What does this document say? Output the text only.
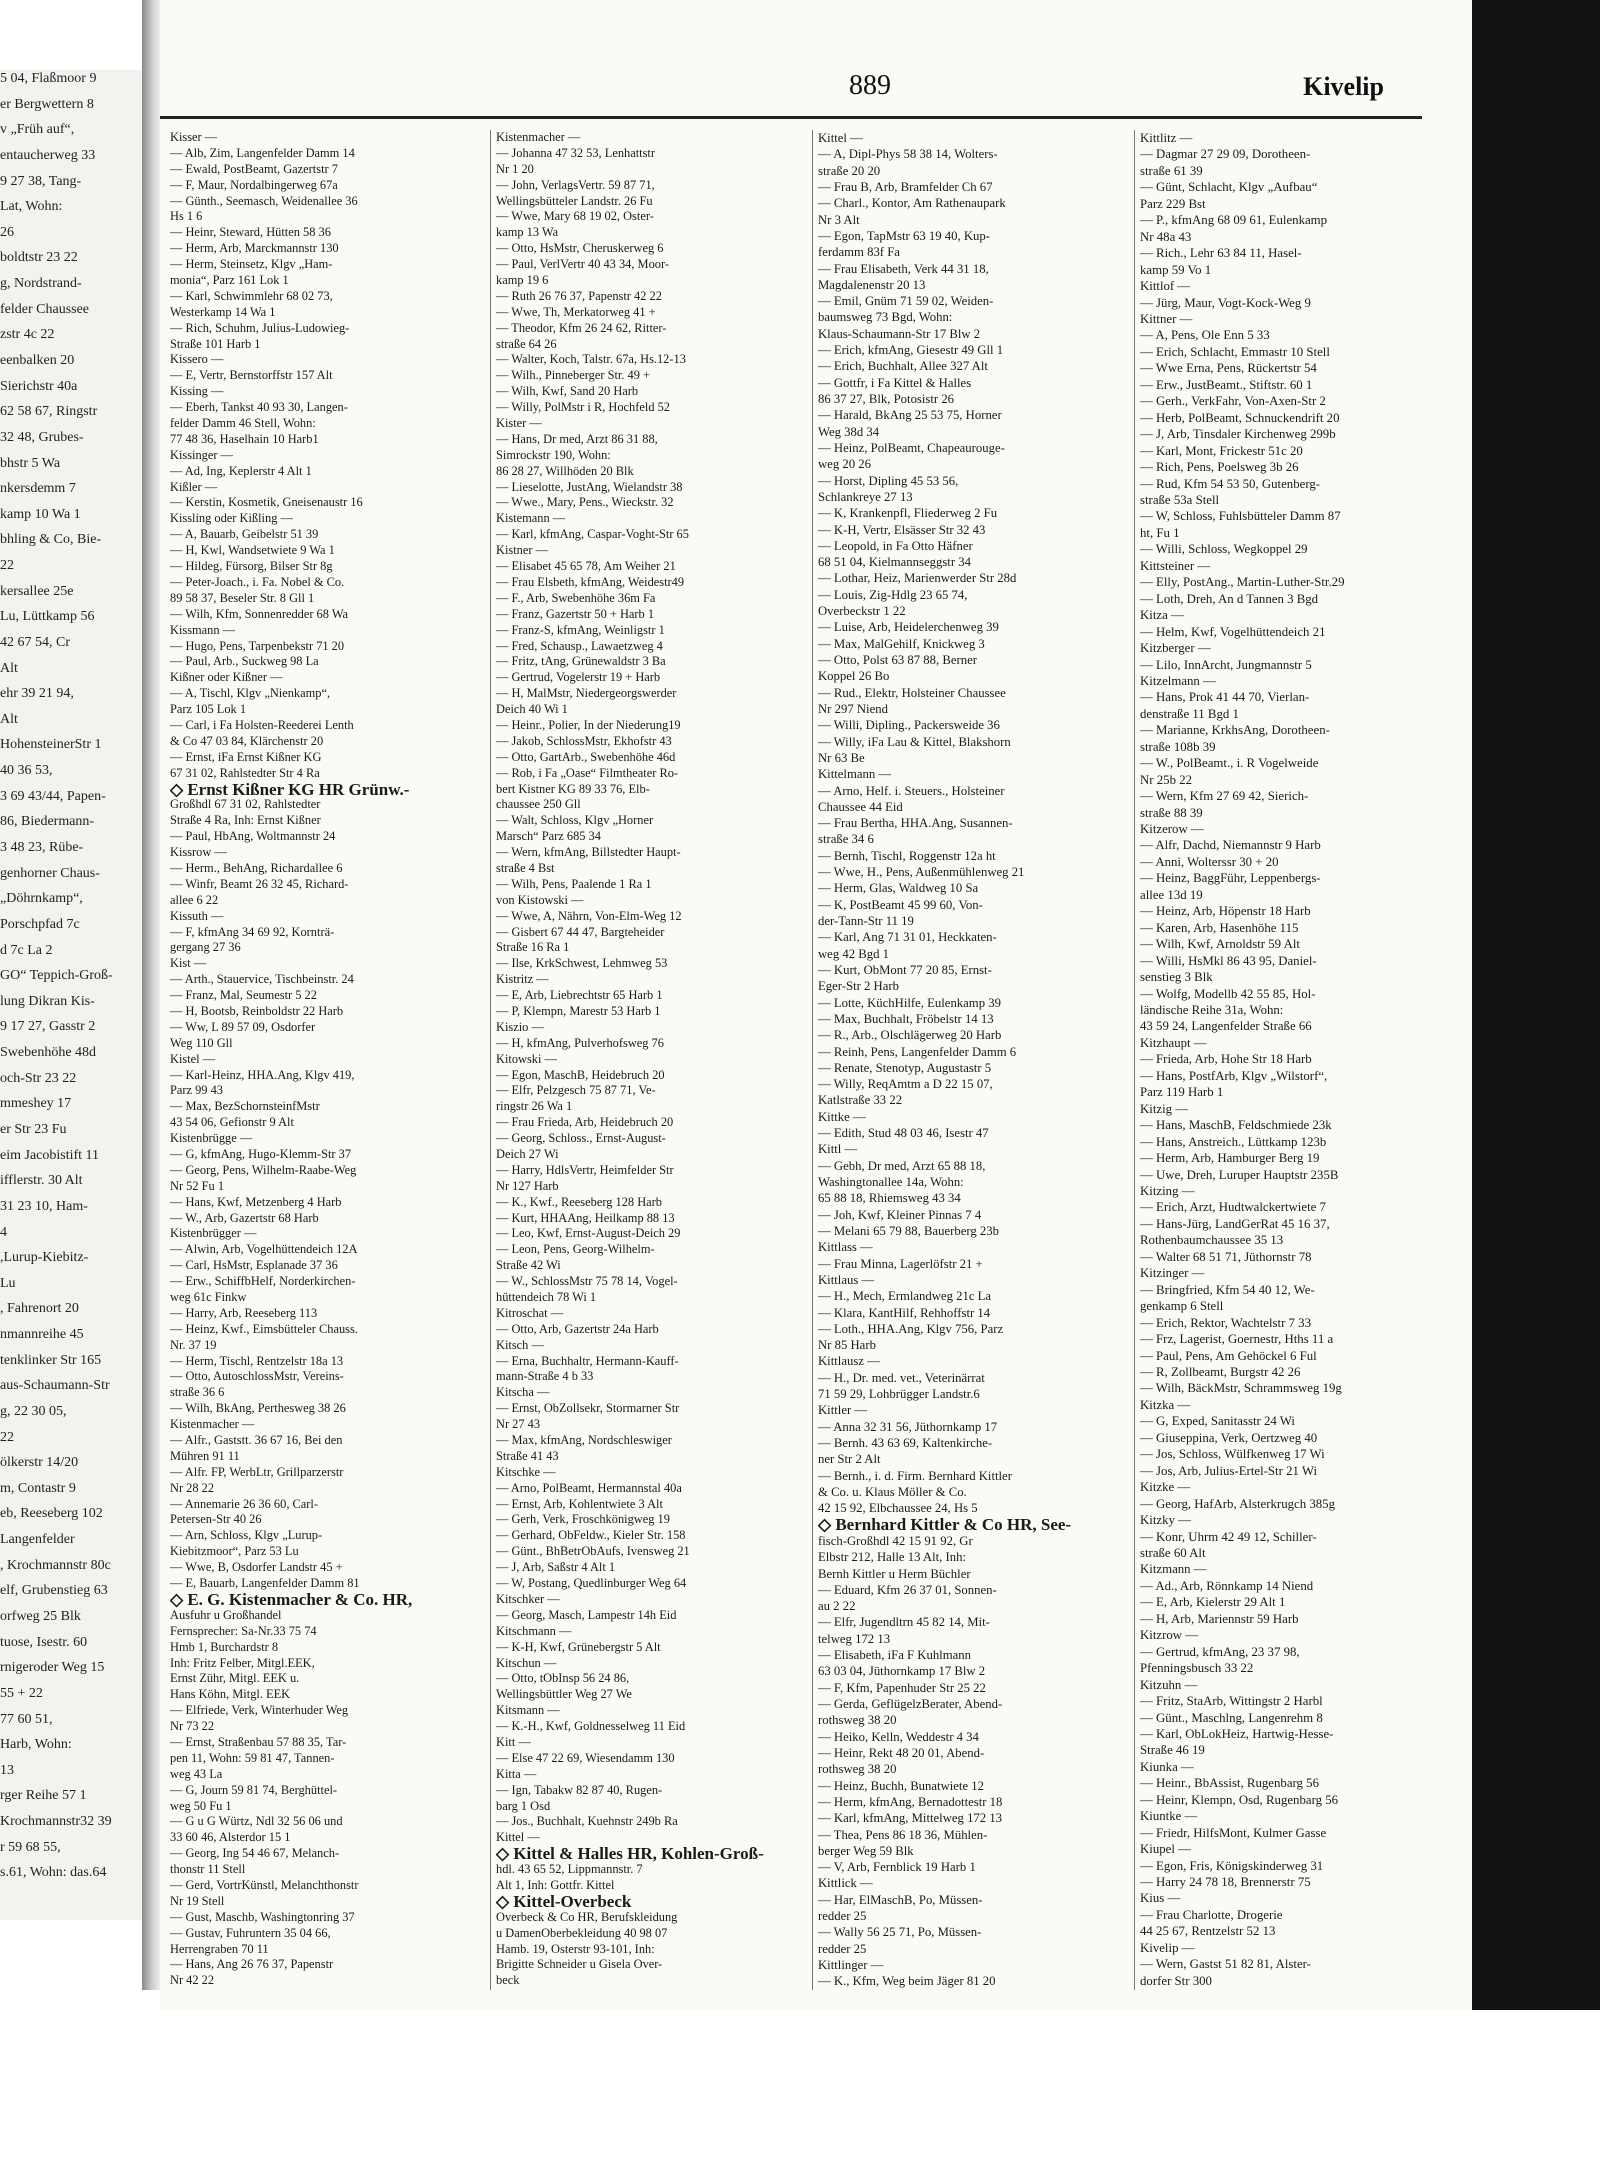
5 04, Flaßmoor 9
er Bergwettern 8
v „Früh auf“,
entaucherweg 33
9 27 38, Tang-
Lat, Wohn:
26
boldtstr 23 22
g, Nordstrand-
felder Chaussee
zstr 4c 22
eenbalken 20
Sierichstr 40a
62 58 67, Ringstr
32 48, Grubes-
bhstr 5 Wa
nkersdemm 7
kamp 10 Wa 1
bhling & Co, Bie-
22
kersallee 25e
Lu, Lüttkamp 56
42 67 54, Cr
Alt
ehr 39 21 94,
Alt
HohensteinerStr 1
40 36 53,
3 69 43/44, Papen-
86, Biedermann-
3 48 23, Rübe-
genhorner Chaus-
„Döhrnkamp“,
Porschpfad 7c
d 7c La 2
GO“ Teppich-Groß-
lung Dikran Kis-
9 17 27, Gasstr 2
Swebenhöhe 48d
och-Str 23 22
mmeshey 17
er Str 23 Fu
eim Jacobistift 11
ifflerstr. 30 Alt
31 23 10, Ham-
4
,Lurup-Kiebitz-
Lu
, Fahrenort 20
nmannreihe 45
tenklinker Str 165
aus-Schaumann-Str
g, 22 30 05,
22
ölkerstr 14/20
m, Contastr 9
eb, Reeseberg 102
Langenfelder
, Krochmannstr 80c
elf, Grubenstieg 63
orfweg 25 Blk
tuose, Isestr. 60
rnigeroder Weg 15
55 + 22
77 60 51,
Harb, Wohn:
13
rger Reihe 57 1
Krochmannstr32 39
r 59 68 55,
s.61, Wohn: das.64
889	Kivelip
Kisser —
— Alb, Zim, Langenfelder Damm 14
— Ewald, PostBeamt, Gazertstr 7
— F, Maur, Nordalbingerweg 67a
— Günth., Seemasch, Weidenallee 36
Hs 1 6
— Heinr, Steward, Hütten 58 36
— Herm, Arb, Marckmannstr 130
— Herm, Steinsetz, Klgv „Ham-
monia“, Parz 161 Lok 1
— Karl, Schwimmlehr 68 02 73,
Westerkamp 14 Wa 1
— Rich, Schuhm, Julius-Ludowieg-
Straße 101 Harb 1
Kissero —
— E, Vertr, Bernstorffstr 157 Alt
Kissing —
— Eberh, Tankst 40 93 30, Langen-
felder Damm 46 Stell, Wohn:
77 48 36, Haselhain 10 Harb1
Kissinger —
— Ad, Ing, Keplerstr 4 Alt 1
Kißler —
— Kerstin, Kosmetik, Gneisenaustr 16
Kissling oder Kißling —
— A, Bauarb, Geibelstr 51 39
— H, Kwl, Wandsetwiete 9 Wa 1
— Hildeg, Fürsorg, Bilser Str 8g
— Peter-Joach., i. Fa. Nobel & Co.
89 58 37, Beseler Str. 8 Gll 1
— Wilh, Kfm, Sonnenredder 68 Wa
Kissmann —
— Hugo, Pens, Tarpenbekstr 71 20
— Paul, Arb., Suckweg 98 La
Kißner oder Kißner —
— A, Tischl, Klgv „Nienkamp“,
Parz 105 Lok 1
— Carl, i Fa Holsten-Reederei Lenth
& Co 47 03 84, Klärchenstr 20
— Ernst, iFa Ernst Kißner KG
67 31 02, Rahlstedter Str 4 Ra
◇ Ernst Kißner KG HR Grünw.-
Großhdl 67 31 02, Rahlstedter
Straße 4 Ra, Inh: Ernst Kißner
— Paul, HbAng, Woltmannstr 24
Kissrow —
— Herm., BehAng, Richardallee 6
— Winfr, Beamt 26 32 45, Richard-
allee 6 22
Kissuth —
— F, kfmAng 34 69 92, Kornträ-
gergang 27 36
Kist —
— Arth., Stauervice, Tischbeinstr. 24
— Franz, Mal, Seumestr 5 22
— H, Bootsb, Reinboldstr 22 Harb
— Ww, L 89 57 09, Osdorfer
Weg 110 Gll
Kistel —
— Karl-Heinz, HHA.Ang, Klgv 419,
Parz 99 43
— Max, BezSchornsteinfMstr
43 54 06, Gefionstr 9 Alt
Kistenbrügge —
— G, kfmAng, Hugo-Klemm-Str 37
— Georg, Pens, Wilhelm-Raabe-Weg
Nr 52 Fu 1
— Hans, Kwf, Metzenberg 4 Harb
— W., Arb, Gazertstr 68 Harb
Kistenbrügger —
— Alwin, Arb, Vogelhüttendeich 12A
— Carl, HsMstr, Esplanade 37 36
— Erw., SchiffbHelf, Norderkirchen-
weg 61c Finkw
— Harry, Arb, Reeseberg 113
— Heinz, Kwf., Eimsbütteler Chauss.
Nr. 37 19
— Herm, Tischl, Rentzelstr 18a 13
— Otto, AutoschlossMstr, Vereins-
straße 36 6
— Wilh, BkAng, Perthesweg 38 26
Kistenmacher —
— Alfr., Gaststt. 36 67 16, Bei den
Mühren 91 11
— Alfr. FP, WerbLtr, Grillparzerstr
Nr 28 22
— Annemarie 26 36 60, Carl-
Petersen-Str 40 26
— Arn, Schloss, Klgv „Lurup-
Kiebitzmoor“, Parz 53 Lu
— Wwe, B, Osdorfer Landstr 45 +
— E, Bauarb, Langenfelder Damm 81
◇ E. G. Kistenmacher & Co. HR,
Ausfuhr u Großhandel
Fernsprecher: Sa-Nr.33 75 74
Hmb 1, Burchardstr 8
Inh: Fritz Felber, Mitgl.EEK,
Ernst Zühr, Mitgl. EEK u.
Hans Köhn, Mitgl. EEK
— Elfriede, Verk, Winterhuder Weg
Nr 73 22
— Ernst, Straßenbau 57 88 35, Tar-
pen 11, Wohn: 59 81 47, Tannen-
weg 43 La
— G, Journ 59 81 74, Berghüttel-
weg 50 Fu 1
— G u G Würtz, Ndl 32 56 06 und
33 60 46, Alsterdor 15 1
— Georg, Ing 54 46 67, Melanch-
thonstr 11 Stell
— Gerd, VortrKünstl, Melanchthonstr
Nr 19 Stell
— Gust, Maschb, Washingtonring 37
— Gustav, Fuhruntern 35 04 66,
Herrengraben 70 11
— Hans, Ang 26 76 37, Papenstr
Nr 42 22
Kistenmacher —
— Johanna 47 32 53, Lenhattstr
Nr 1 20
— John, VerlagsVertr. 59 87 71,
Wellingsbütteler Landstr. 26 Fu
— Wwe, Mary 68 19 02, Oster-
kamp 13 Wa
— Otto, HsMstr, Cheruskerweg 6
— Paul, VerlVertr 40 43 34, Moor-
kamp 19 6
— Ruth 26 76 37, Papenstr 42 22
— Wwe, Th, Merkatorweg 41 +
— Theodor, Kfm 26 24 62, Ritter-
straße 64 26
— Walter, Koch, Talstr. 67a, Hs.12-13
— Wilh., Pinneberger Str. 49 +
— Wilh, Kwf, Sand 20 Harb
— Willy, PolMstr i R, Hochfeld 52
Kister —
— Hans, Dr med, Arzt 86 31 88,
Simrockstr 190, Wohn:
86 28 27, Willhöden 20 Blk
— Lieselotte, JustAng, Wielandstr 38
— Wwe., Mary, Pens., Wieckstr. 32
Kistemann —
— Karl, kfmAng, Caspar-Voght-Str 65
Kistner —
— Elisabet 45 65 78, Am Weiher 21
— Frau Elsbeth, kfmAng, Weidestr49
— F., Arb, Swebenhöhe 36m Fa
— Franz, Gazertstr 50 + Harb 1
— Franz-S, kfmAng, Weinligstr 1
— Fred, Schausp., Lawaetzweg 4
— Fritz, tAng, Grünewaldstr 3 Ba
— Gertrud, Vogelerstr 19 + Harb
— H, MalMstr, Niedergeorgswerder
Deich 40 Wi 1
— Heinr., Polier, In der Niederung19
— Jakob, SchlossMstr, Ekhofstr 43
— Otto, GartArb., Swebenhöhe 46d
— Rob, i Fa „Oase“ Filmtheater Ro-
bert Kistner KG 89 33 76, Elb-
chaussee 250 Gll
— Walt, Schloss, Klgv „Horner
Marsch“ Parz 685 34
— Wern, kfmAng, Billstedter Haupt-
straße 4 Bst
— Wilh, Pens, Paalende 1 Ra 1
von Kistowski —
— Wwe, A, Nährn, Von-Elm-Weg 12
— Gisbert 67 44 47, Bargteheider
Straße 16 Ra 1
— Ilse, KrkSchwest, Lehmweg 53
Kistritz —
— E, Arb, Liebrechtstr 65 Harb 1
— P, Klempn, Marestr 53 Harb 1
Kiszio —
— H, kfmAng, Pulverhofsweg 76
Kitowski —
— Egon, MaschB, Heidebruch 20
— Elfr, Pelzgesch 75 87 71, Ve-
ringstr 26 Wa 1
— Frau Frieda, Arb, Heidebruch 20
— Georg, Schloss., Ernst-August-
Deich 27 Wi
— Harry, HdlsVertr, Heimfelder Str
Nr 127 Harb
— K., Kwf., Reeseberg 128 Harb
— Kurt, HHAAng, Heilkamp 88 13
— Leo, Kwf, Ernst-August-Deich 29
— Leon, Pens, Georg-Wilhelm-
Straße 42 Wi
— W., SchlossMstr 75 78 14, Vogel-
hüttendeich 78 Wi 1
Kitroschat —
— Otto, Arb, Gazertstr 24a Harb
Kitsch —
— Erna, Buchhaltr, Hermann-Kauff-
mann-Straße 4 b 33
Kitscha —
— Ernst, ObZollsekr, Stormarner Str
Nr 27 43
— Max, kfmAng, Nordschleswiger
Straße 41 43
Kitschke —
— Arno, PolBeamt, Hermannstal 40a
— Ernst, Arb, Kohlentwiete 3 Alt
— Gerh, Verk, Froschkönigweg 19
— Gerhard, ObFeldw., Kieler Str. 158
— Günt., BhBetrObAufs, Ivensweg 21
— J, Arb, Saßstr 4 Alt 1
— W, Postang, Quedlinburger Weg 64
Kitschker —
— Georg, Masch, Lampestr 14h Eid
Kitschmann —
— K-H, Kwf, Grünebergstr 5 Alt
Kitschun —
— Otto, tObInsp 56 24 86,
Wellingsbüttler Weg 27 We
Kitsmann —
— K.-H., Kwf, Goldnesselweg 11 Eid
Kitt —
— Else 47 22 69, Wiesendamm 130
Kitta —
— Ign, Tabakw 82 87 40, Rugen-
barg 1 Osd
— Jos., Buchhalt, Kuehnstr 249b Ra
Kittel —
◇ Kittel & Halles HR, Kohlen-Groß-
hdl. 43 65 52, Lippmannstr. 7
Alt 1, Inh: Gottfr. Kittel
◇ Kittel-Overbeck
Overbeck & Co HR, Berufskleidung
u DamenOberbekleidung 40 98 07
Hamb. 19, Osterstr 93-101, Inh:
Brigitte Schneider u Gisela Over-
beck
Kittel —
— A, Dipl-Phys 58 38 14, Wolters-
straße 20 20
— Frau B, Arb, Bramfelder Ch 67
— Charl., Kontor, Am Rathenaupark
Nr 3 Alt
— Egon, TapMstr 63 19 40, Kup-
ferdamm 83f Fa
— Frau Elisabeth, Verk 44 31 18,
Magdalenenstr 20 13
— Emil, Gnüm 71 59 02, Weiden-
baumsweg 73 Bgd, Wohn:
Klaus-Schaumann-Str 17 Blw 2
— Erich, kfmAng, Giesestr 49 Gll 1
— Erich, Buchhalt, Allee 327 Alt
— Gottfr, i Fa Kittel & Halles
86 37 27, Blk, Potosistr 26
— Harald, BkAng 25 53 75, Horner
Weg 38d 34
— Heinz, PolBeamt, Chapeaurouge-
weg 20 26
— Horst, Dipling 45 53 56,
Schlankreye 27 13
— K, Krankenpfl, Fliederweg 2 Fu
— K-H, Vertr, Elsässer Str 32 43
— Leopold, in Fa Otto Häfner
68 51 04, Kielmannseggstr 34
— Lothar, Heiz, Marienwerder Str 28d
— Louis, Zig-Hdlg 23 65 74,
Overbeckstr 1 22
— Luise, Arb, Heidelerchenweg 39
— Max, MalGehilf, Knickweg 3
— Otto, Polst 63 87 88, Berner
Koppel 26 Bo
— Rud., Elektr, Holsteiner Chaussee
Nr 297 Niend
— Willi, Dipling., Packersweide 36
— Willy, iFa Lau & Kittel, Blakshorn
Nr 63 Be
Kittelmann —
— Arno, Helf. i. Steuers., Holsteiner
Chaussee 44 Eid
— Frau Bertha, HHA.Ang, Susannen-
straße 34 6
— Bernh, Tischl, Roggenstr 12a ht
— Wwe, H., Pens, Außenmühlenweg 21
— Herm, Glas, Waldweg 10 Sa
— K, PostBeamt 45 99 60, Von-
der-Tann-Str 11 19
— Karl, Ang 71 31 01, Heckkaten-
weg 42 Bgd 1
— Kurt, ObMont 77 20 85, Ernst-
Eger-Str 2 Harb
— Lotte, KüchHilfe, Eulenkamp 39
— Max, Buchhalt, Fröbelstr 14 13
— R., Arb., Olschlägerweg 20 Harb
— Reinh, Pens, Langenfelder Damm 6
— Renate, Stenotyp, Augustastr 5
— Willy, ReqAmtm a D 22 15 07,
Katlstraße 33 22
Kittke —
— Edith, Stud 48 03 46, Isestr 47
Kittl —
— Gebh, Dr med, Arzt 65 88 18,
Washingtonallee 14a, Wohn:
65 88 18, Rhiemsweg 43 34
— Joh, Kwf, Kleiner Pinnas 7 4
— Melani 65 79 88, Bauerberg 23b
Kittlass —
— Frau Minna, Lagerlöfstr 21 +
Kittlaus —
— H., Mech, Ermlandweg 21c La
— Klara, KantHilf, Rehhoffstr 14
— Loth., HHA.Ang, Klgv 756, Parz
Nr 85 Harb
Kittlausz —
— H., Dr. med. vet., Veterinärrat
71 59 29, Lohbrügger Landstr.6
Kittler —
— Anna 32 31 56, Jüthornkamp 17
— Bernh. 43 63 69, Kaltenkirche-
ner Str 2 Alt
— Bernh., i. d. Firm. Bernhard Kittler
& Co. u. Klaus Möller & Co.
42 15 92, Elbchaussee 24, Hs 5
◇ Bernhard Kittler & Co HR, See-
fisch-Großhdl 42 15 91 92, Gr
Elbstr 212, Halle 13 Alt, Inh:
Bernh Kittler u Herm Büchler
— Eduard, Kfm 26 37 01, Sonnen-
au 2 22
— Elfr, Jugendltrn 45 82 14, Mit-
telweg 172 13
— Elisabeth, iFa F Kuhlmann
63 03 04, Jüthornkamp 17 Blw 2
— F, Kfm, Papenhuder Str 25 22
— Gerda, GeflügelzBerater, Abend-
rothsweg 38 20
— Heiko, Kelln, Weddestr 4 34
— Heinr, Rekt 48 20 01, Abend-
rothsweg 38 20
— Heinz, Buchh, Bunatwiete 12
— Herm, kfmAng, Bernadottestr 18
— Karl, kfmAng, Mittelweg 172 13
— Thea, Pens 86 18 36, Mühlen-
berger Weg 59 Blk
— V, Arb, Fernblick 19 Harb 1
Kittlick —
— Har, ElMaschB, Po, Müssen-
redder 25
— Wally 56 25 71, Po, Müssen-
redder 25
Kittlinger —
— K., Kfm, Weg beim Jäger 81 20
Kittlitz —
— Dagmar 27 29 09, Dorotheen-
straße 61 39
— Günt, Schlacht, Klgv „Aufbau“
Parz 229 Bst
— P., kfmAng 68 09 61, Eulenkamp
Nr 48a 43
— Rich., Lehr 63 84 11, Hasel-
kamp 59 Vo 1
Kittlof —
— Jürg, Maur, Vogt-Kock-Weg 9
Kittner —
— A, Pens, Ole Enn 5 33
— Erich, Schlacht, Emmastr 10 Stell
— Wwe Erna, Pens, Rückertstr 54
— Erw., JustBeamt., Stiftstr. 60 1
— Gerh., VerkFahr, Von-Axen-Str 2
— Herb, PolBeamt, Schnuckendrift 20
— J, Arb, Tinsdaler Kirchenweg 299b
— Karl, Mont, Frickestr 51c 20
— Rich, Pens, Poelsweg 3b 26
— Rud, Kfm 54 53 50, Gutenberg-
straße 53a Stell
— W, Schloss, Fuhlsbütteler Damm 87
ht, Fu 1
— Willi, Schloss, Wegkoppel 29
Kittsteiner —
— Elly, PostAng., Martin-Luther-Str.29
— Loth, Dreh, An d Tannen 3 Bgd
Kitza —
— Helm, Kwf, Vogelhüttendeich 21
Kitzberger —
— Lilo, InnArcht, Jungmannstr 5
Kitzelmann —
— Hans, Prok 41 44 70, Vierlan-
denstraße 11 Bgd 1
— Marianne, KrkhsAng, Dorotheen-
straße 108b 39
— W., PolBeamt., i. R Vogelweide
Nr 25b 22
— Wern, Kfm 27 69 42, Sierich-
straße 88 39
Kitzerow —
— Alfr, Dachd, Niemannstr 9 Harb
— Anni, Wolterssr 30 + 20
— Heinz, BaggFühr, Leppenbergs-
allee 13d 19
— Heinz, Arb, Höpenstr 18 Harb
— Karen, Arb, Hasenhöhe 115
— Wilh, Kwf, Arnoldstr 59 Alt
— Willi, HsMkl 86 43 95, Daniel-
senstieg 3 Blk
— Wolfg, Modellb 42 55 85, Hol-
ländische Reihe 31a, Wohn:
43 59 24, Langenfelder Straße 66
Kitzhaupt —
— Frieda, Arb, Hohe Str 18 Harb
— Hans, PostfArb, Klgv „Wilstorf“,
Parz 119 Harb 1
Kitzig —
— Hans, MaschB, Feldschmiede 23k
— Hans, Anstreich., Lüttkamp 123b
— Herm, Arb, Hamburger Berg 19
— Uwe, Dreh, Luruper Hauptstr 235B
Kitzing —
— Erich, Arzt, Hudtwalckertwiete 7
— Hans-Jürg, LandGerRat 45 16 37,
Rothenbaumchaussee 35 13
— Walter 68 51 71, Jüthornstr 78
Kitzinger —
— Bringfried, Kfm 54 40 12, We-
genkamp 6 Stell
— Erich, Rektor, Wachtelstr 7 33
— Frz, Lagerist, Goernestr, Hths 11 a
— Paul, Pens, Am Gehöckel 6 Ful
— R, Zollbeamt, Burgstr 42 26
— Wilh, BäckMstr, Schrammsweg 19g
Kitzka —
— G, Exped, Sanitasstr 24 Wi
— Giuseppina, Verk, Oertzweg 40
— Jos, Schloss, Wülfkenweg 17 Wi
— Jos, Arb, Julius-Ertel-Str 21 Wi
Kitzke —
— Georg, HafArb, Alsterkrugch 385g
Kitzky —
— Konr, Uhrm 42 49 12, Schiller-
straße 60 Alt
Kitzmann —
— Ad., Arb, Rönnkamp 14 Niend
— E, Arb, Kielerstr 29 Alt 1
— H, Arb, Mariennstr 59 Harb
Kitzrow —
— Gertrud, kfmAng, 23 37 98,
Pfenningsbusch 33 22
Kitzuhn —
— Fritz, StaArb, Wittingstr 2 Harbl
— Günt., Maschlng, Langenrehm 8
— Karl, ObLokHeiz, Hartwig-Hesse-
Straße 46 19
Kiunka —
— Heinr., BbAssist, Rugenbarg 56
— Heinr, Klempn, Osd, Rugenbarg 56
Kiuntke —
— Friedr, HilfsMont, Kulmer Gasse
Kiupel —
— Egon, Fris, Königskinderweg 31
— Harry 24 78 18, Brennerstr 75
Kius —
— Frau Charlotte, Drogerie
44 25 67, Rentzelstr 52 13
Kivelip —
— Wern, Gastst 51 82 81, Alster-
dorfer Str 300
